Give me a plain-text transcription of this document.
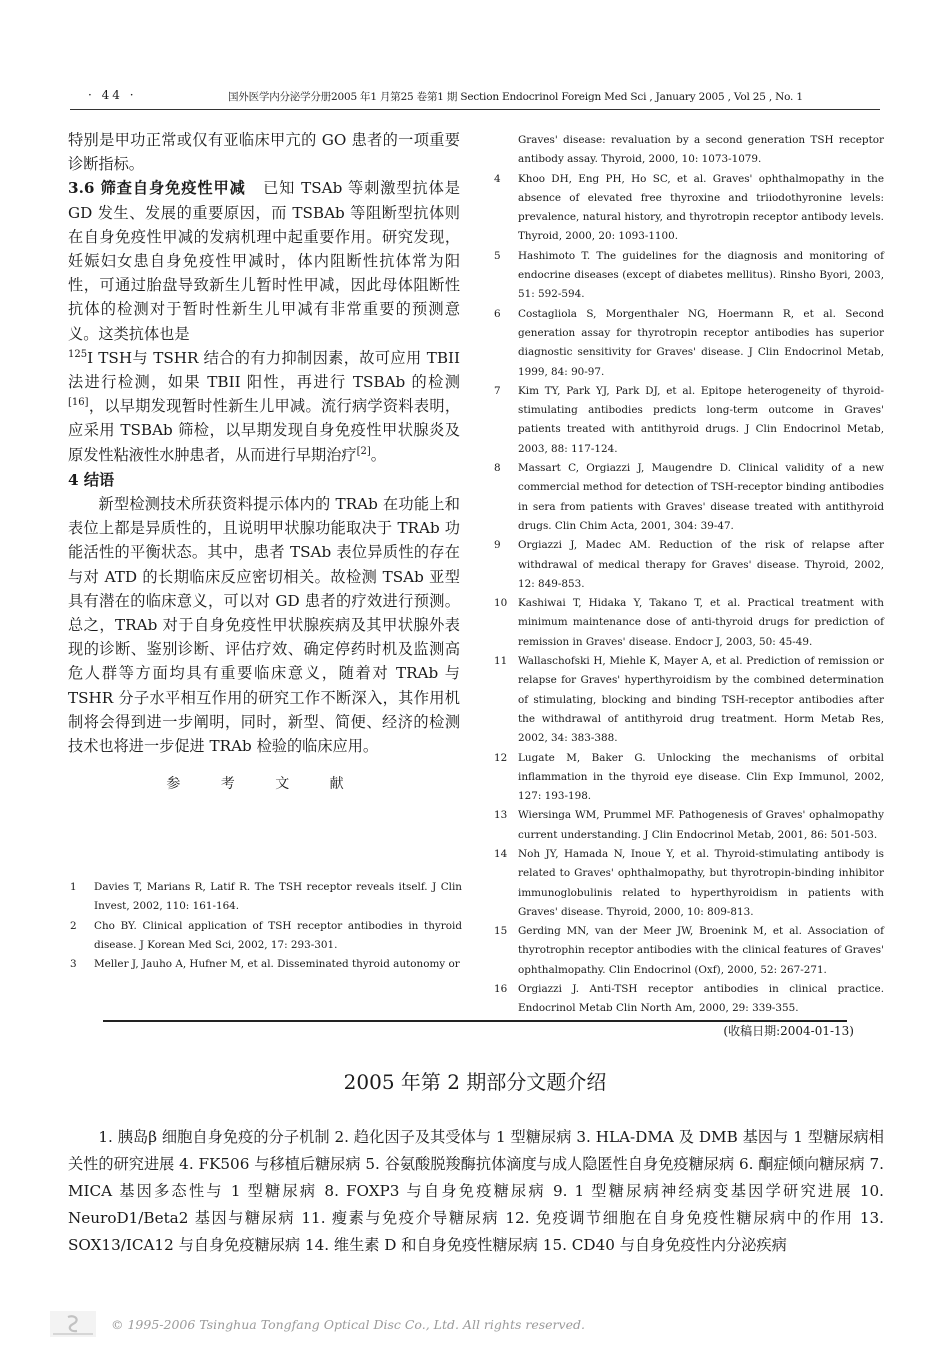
· 44 ·	国外医学内分泌学分册2005 年1 月第25 卷第1 期 Section Endocrinol Foreign Med Sci , January 2005 , Vol 25 , No. 1

特别是甲功正常或仅有亚临床甲亢的 GO 患者的一项重要诊断指标。

3.6 筛查自身免疫性甲减 已知 TSAb 等刺激型抗体是 GD 发生、发展的重要原因，而 TSBAb 等阻断型抗体则在自身免疫性甲减的发病机理中起重要作用。研究发现，妊娠妇女患自身免疫性甲减时，体内阻断性抗体常为阳性，可通过胎盘导致新生儿暂时性甲减，因此母体阻断性抗体的检测对于暂时性新生儿甲减有非常重要的预测意义。这类抗体也是
$^{125}$I TSH与 TSHR 结合的有力抑制因素，故可应用 TBII 法进行检测，如果 TBII 阳性，再进行 TSBAb 的检测[16]，以早期发现暂时性新生儿甲减。流行病学资料表明，应采用 TSBAb 筛检，以早期发现自身免疫性甲状腺炎及原发性粘液性水肿患者，从而进行早期治疗[2]。

4 结语

新型检测技术所获资料提示体内的 TRAb 在功能上和表位上都是异质性的，且说明甲状腺功能取决于 TRAb 功能活性的平衡状态。其中，患者 TSAb 表位异质性的存在与对 ATD 的长期临床反应密切相关。故检测 TSAb 亚型具有潜在的临床意义，可以对 GD 患者的疗效进行预测。总之，TRAb 对于自身免疫性甲状腺疾病及其甲状腺外表现的诊断、鉴别诊断、评估疗效、确定停药时机及监测高危人群等方面均具有重要临床意义，随着对 TRAb 与 TSHR 分子水平相互作用的研究工作不断深入，其作用机制将会得到进一步阐明，同时，新型、简便、经济的检测技术也将进一步促进 TRAb 检验的临床应用。

参 考 文 献

1 Davies T, Marians R, Latif R. The TSH receptor reveals itself. J Clin Invest, 2002, 110: 161-164.
2 Cho BY. Clinical application of TSH receptor antibodies in thyroid disease. J Korean Med Sci, 2002, 17: 293-301.
3 Meller J, Jauho A, Hufner M, et al. Disseminated thyroid autonomy or
Graves' disease: revaluation by a second generation TSH receptor antibody assay. Thyroid, 2000, 10: 1073-1079.
4 Khoo DH, Eng PH, Ho SC, et al. Graves' ophthalmopathy in the absence of elevated free thyroxine and triiodothyronine levels: prevalence, natural history, and thyrotropin receptor antibody levels. Thyroid, 2000, 20: 1093-1100.
5 Hashimoto T. The guidelines for the diagnosis and monitoring of endocrine diseases (except of diabetes mellitus). Rinsho Byori, 2003, 51: 592-594.
6 Costagliola S, Morgenthaler NG, Hoermann R, et al. Second generation assay for thyrotropin receptor antibodies has superior diagnostic sensitivity for Graves' disease. J Clin Endocrinol Metab, 1999, 84: 90-97.
7 Kim TY, Park YJ, Park DJ, et al. Epitope heterogeneity of thyroid-stimulating antibodies predicts long-term outcome in Graves' patients treated with antithyroid drugs. J Clin Endocrinol Metab, 2003, 88: 117-124.
8 Massart C, Orgiazzi J, Maugendre D. Clinical validity of a new commercial method for detection of TSH-receptor binding antibodies in sera from patients with Graves' disease treated with antithyroid drugs. Clin Chim Acta, 2001, 304: 39-47.
9 Orgiazzi J, Madec AM. Reduction of the risk of relapse after withdrawal of medical therapy for Graves' disease. Thyroid, 2002, 12: 849-853.
10 Kashiwai T, Hidaka Y, Takano T, et al. Practical treatment with minimum maintenance dose of anti-thyroid drugs for prediction of remission in Graves' disease. Endocr J, 2003, 50: 45-49.
11 Wallaschofski H, Miehle K, Mayer A, et al. Prediction of remission or relapse for Graves' hyperthyroidism by the combined determination of stimulating, blocking and binding TSH-receptor antibodies after the withdrawal of antithyroid drug treatment. Horm Metab Res, 2002, 34: 383-388.
12 Lugate M, Baker G. Unlocking the mechanisms of orbital inflammation in the thyroid eye disease. Clin Exp Immunol, 2002, 127: 193-198.
13 Wiersinga WM, Prummel MF. Pathogenesis of Graves' ophalmopathy current understanding. J Clin Endocrinol Metab, 2001, 86: 501-503.
14 Noh JY, Hamada N, Inoue Y, et al. Thyroid-stimulating antibody is related to Graves' ophthalmopathy, but thyrotropin-binding inhibitor immunoglobulinis related to hyperthyroidism in patients with Graves' disease. Thyroid, 2000, 10: 809-813.
15 Gerding MN, van der Meer JW, Broenink M, et al. Association of thyrotrophin receptor antibodies with the clinical features of Graves' ophthalmopathy. Clin Endocrinol (Oxf), 2000, 52: 267-271.
16 Orgiazzi J. Anti-TSH receptor antibodies in clinical practice. Endocrinol Metab Clin North Am, 2000, 29: 339-355.
(收稿日期:2004-01-13)
2005 年第 2 期部分文题介绍
1. 胰岛β 细胞自身免疫的分子机制 2. 趋化因子及其受体与 1 型糖尿病 3. HLA-DMA 及 DMB 基因与 1 型糖尿病相关性的研究进展 4. FK506 与移植后糖尿病 5. 谷氨酸脱羧酶抗体滴度与成人隐匿性自身免疫糖尿病 6. 酮症倾向糖尿病 7. MICA 基因多态性与 1 型糖尿病 8. FOXP3 与自身免疫糖尿病 9. 1 型糖尿病神经病变基因学研究进展 10. NeuroD1/Beta2 基因与糖尿病 11. 瘦素与免疫介导糖尿病 12. 免疫调节细胞在自身免疫性糖尿病中的作用 13. SOX13/ICA12 与自身免疫糖尿病 14. 维生素 D 和自身免疫性糖尿病 15. CD40 与自身免疫性内分泌疾病
© 1995-2006 Tsinghua Tongfang Optical Disc Co., Ltd. All rights reserved.
